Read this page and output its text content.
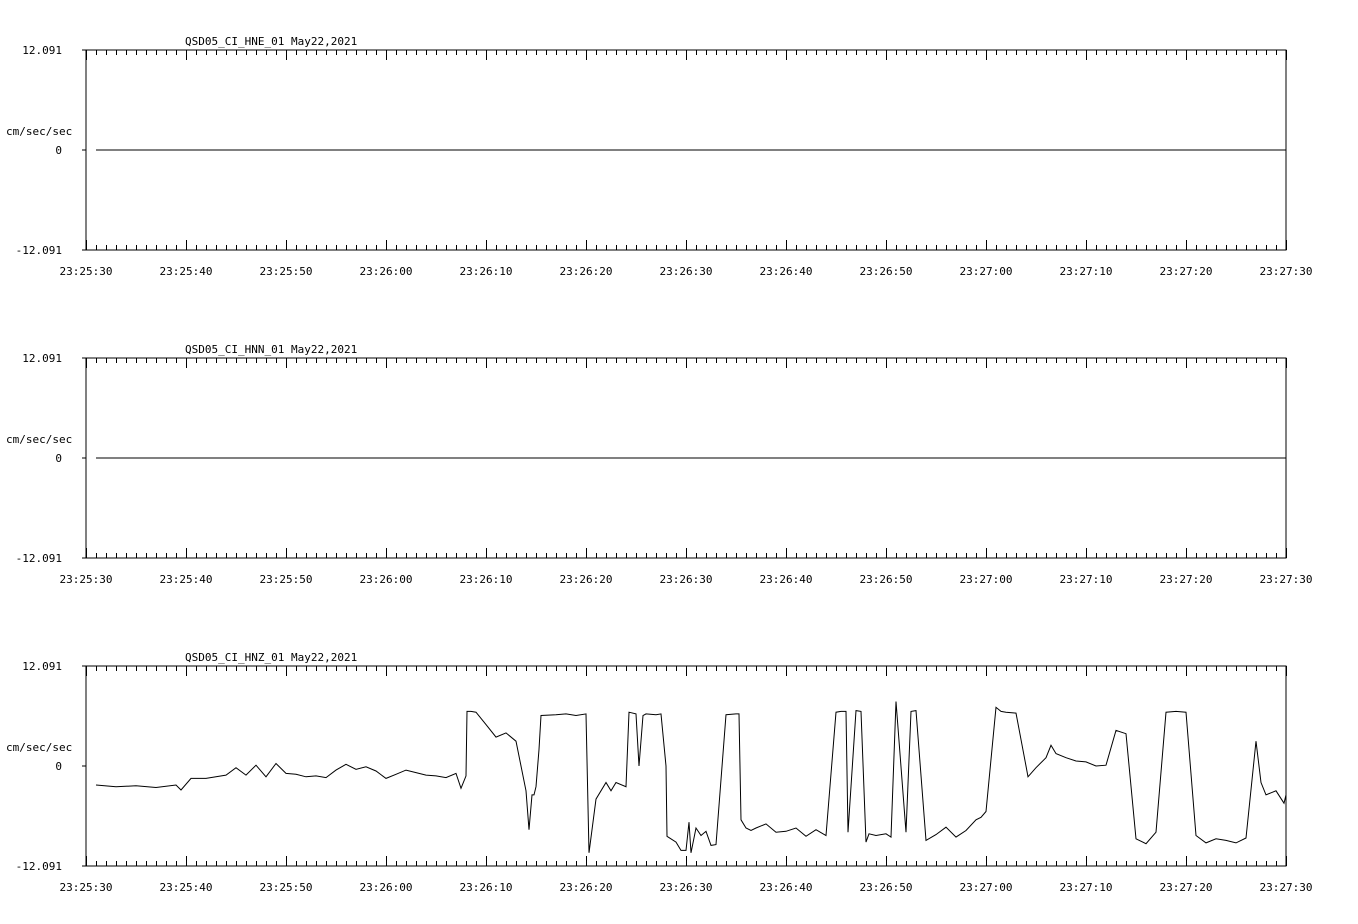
QSD05_CI_HNE_01 May22,2021
cm/sec/sec
12.091
0
-12.091
23:25:30	23:25:40	23:25:50	23:26:00	23:26:10	23:26:20	23:26:30	23:26:40	23:26:50	23:27:00	23:27:10	23:27:20	23:27:30
QSD05_CI_HNN_01 May22,2021
cm/sec/sec
12.091
0
-12.091
23:25:30	23:25:40	23:25:50	23:26:00	23:26:10	23:26:20	23:26:30	23:26:40	23:26:50	23:27:00	23:27:10	23:27:20	23:27:30
QSD05_CI_HNZ_01 May22,2021
cm/sec/sec
12.091
0
-12.091
23:25:30	23:25:40	23:25:50	23:26:00	23:26:10	23:26:20	23:26:30	23:26:40	23:26:50	23:27:00	23:27:10	23:27:20	23:27:30
